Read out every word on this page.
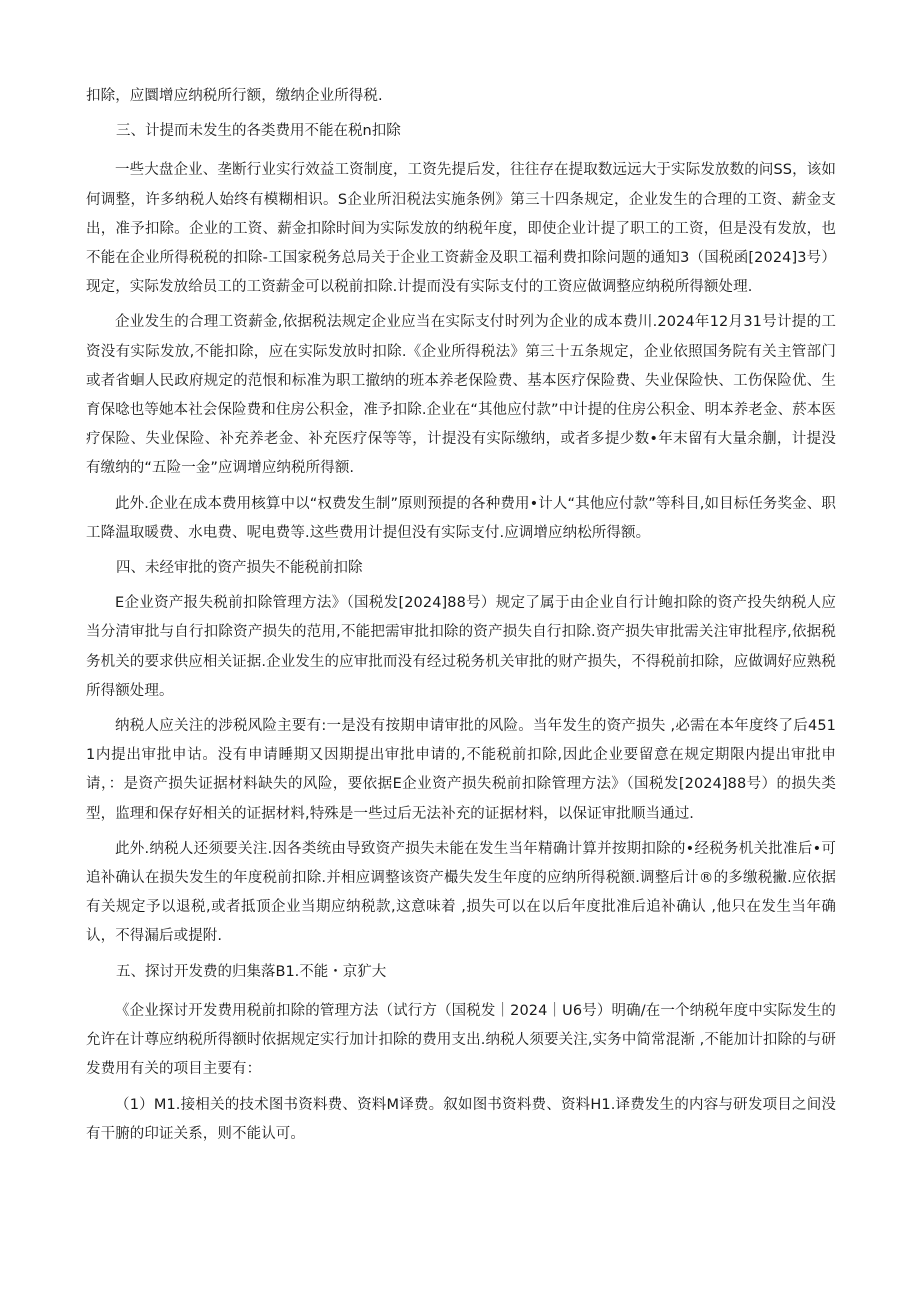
扣除，应圜增应纳税所行额，缴纳企业所得税.

三、计提而未发生的各类费用不能在税n扣除

一些大盘企业、垄断行业实行效益工资制度，工资先提后发，往往存在提取数远远大于实际发放数的问SS，该如何调整，许多纳税人始终有模糊相识。S企业所汨税法实施条例》第三十四条规定，企业发生的合理的工资、薪金支出，准予扣除。企业的工资、薪金扣除时间为实际发放的纳税年度，即使企业计提了职工的工资，但是没有发放，也不能在企业所得税税的扣除-工国家税务总局关于企业工资薪金及职工福利费扣除问题的通知3（国税函[2024]3号）现定，实际发放给员工的工资薪金可以税前扣除.计提而没有实际支付的工资应做调整应纳税所得额处理.

企业发生的合理工资薪金,依据税法规定企业应当在实际支付时列为企业的成本费川.2024年12月31号计提的工资没有实际发放,不能扣除，应在实际发放时扣除.《企业所得税法》第三十五条规定，企业依照国务院有关主管部门或者省蛔人民政府规定的范恨和标准为职工撤纳的班本养老保险费、基本医疗保险费、失业保险快、工伤保险优、生育保唸也等她本社会保险费和住房公积金，准予扣除.企业在“其他应付款”中计提的住房公积金、明本养老金、菸本医疗保险、失业保险、补充养老金、补充医疗保等等，计提没有实际缴纳，或者多提少数•年末留有大量余蒯，计提没有缴纳的“五险一金”应调增应纳税所得额.

此外.企业在成本费用核算中以“权费发生制”原则预提的各种费用•计人“其他应付款”等科目,如目标任务奖金、职工降温取暖费、水电费、呢电费等.这些费用计提但没有实际支付.应调增应纳松所得额。

四、未经审批的资产损失不能税前扣除

E企业资产报失税前扣除管理方法》（国税发[2024]88号）规定了属于由企业自行计鲍扣除的资产投失纳税人应当分清审批与自行扣除资产损失的范用,不能把需审批扣除的资产损失自行扣除.资产损失审批需关注审批程序,依据税务机关的要求供应相关证据.企业发生的应审批而没有经过税务机关审批的财产损失，不得税前扣除，应做调好应熟税所得额处理。

纳税人应关注的涉税风险主要有:一是没有按期申请审批的风险。当年发生的资产损失 ,必需在本年度终了后4511内提出审批申诂。没有申请睡期又因期提出审批申请的,不能税前扣除,因此企业要留意在规定期限内提出审批申请，：是资产损失证据材料缺失的风险，要依据E企业资产损失税前扣除管理方法》（国税发[2024]88号）的损失类型，监理和保存好相关的证据材料,特殊是一些过后无法补充的证据材料，以保证审批顺当通过.

此外.纳税人还须要关注.因各类统由导致资产损失未能在发生当年精确计算并按期扣除的•经税务机关批准后•可追补确认在损失发生的年度税前扣除.并相应调整该资产樶失发生年度的应纳所得税额.调整后计®的多缴税撇.应依据有关规定予以退税,或者抵顶企业当期应纳税款,这意味着 ,损失可以在以后年度批准后追补确认 ,他只在发生当年确认，不得漏后或提附.

五、探讨开发费的归集落B1.不能・京犷大

《企业探讨开发费用税前扣除的管理方法（试行方（国税发｜2024｜U6号）明确/在一个纳税年度中实际发生的允许在计尊应纳税所得额时依据规定实行加计扣除的费用支出.纳税人须要关注,实务中简常混渐 ,不能加计扣除的与研发费用有关的项目主要有：

（1）M1.接相关的技术图书资料费、资料M译费。叙如图书资料费、资料H1.译费发生的内容与研发项目之间没有干腑的印证关系，则不能认可。
